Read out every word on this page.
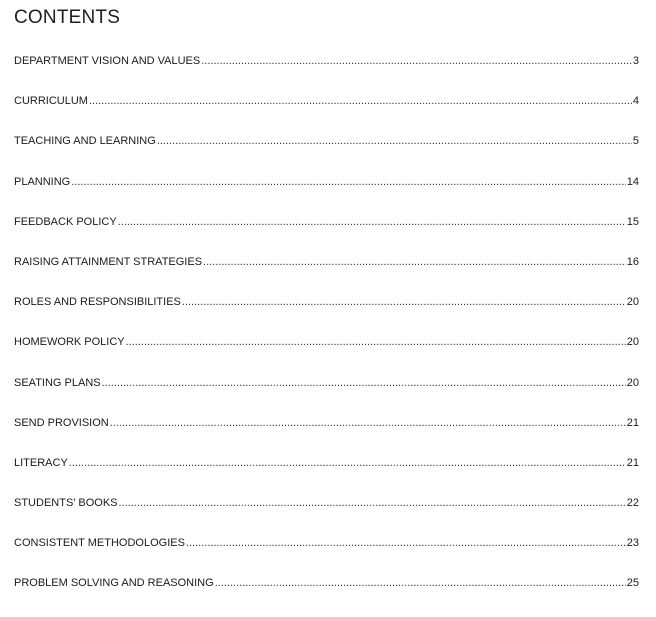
CONTENTS
DEPARTMENT VISION AND VALUES .....	3
CURRICULUM .....	4
TEACHING AND LEARNING .....	5
PLANNING .....	14
FEEDBACK POLICY .....	15
RAISING ATTAINMENT STRATEGIES .....	16
ROLES AND RESPONSIBILITIES .....	20
HOMEWORK POLICY .....	20
SEATING PLANS .....	20
SEND PROVISION .....	21
LITERACY .....	21
STUDENTS’ BOOKS .....	22
CONSISTENT METHODOLOGIES .....	23
PROBLEM SOLVING AND REASONING .....	25
